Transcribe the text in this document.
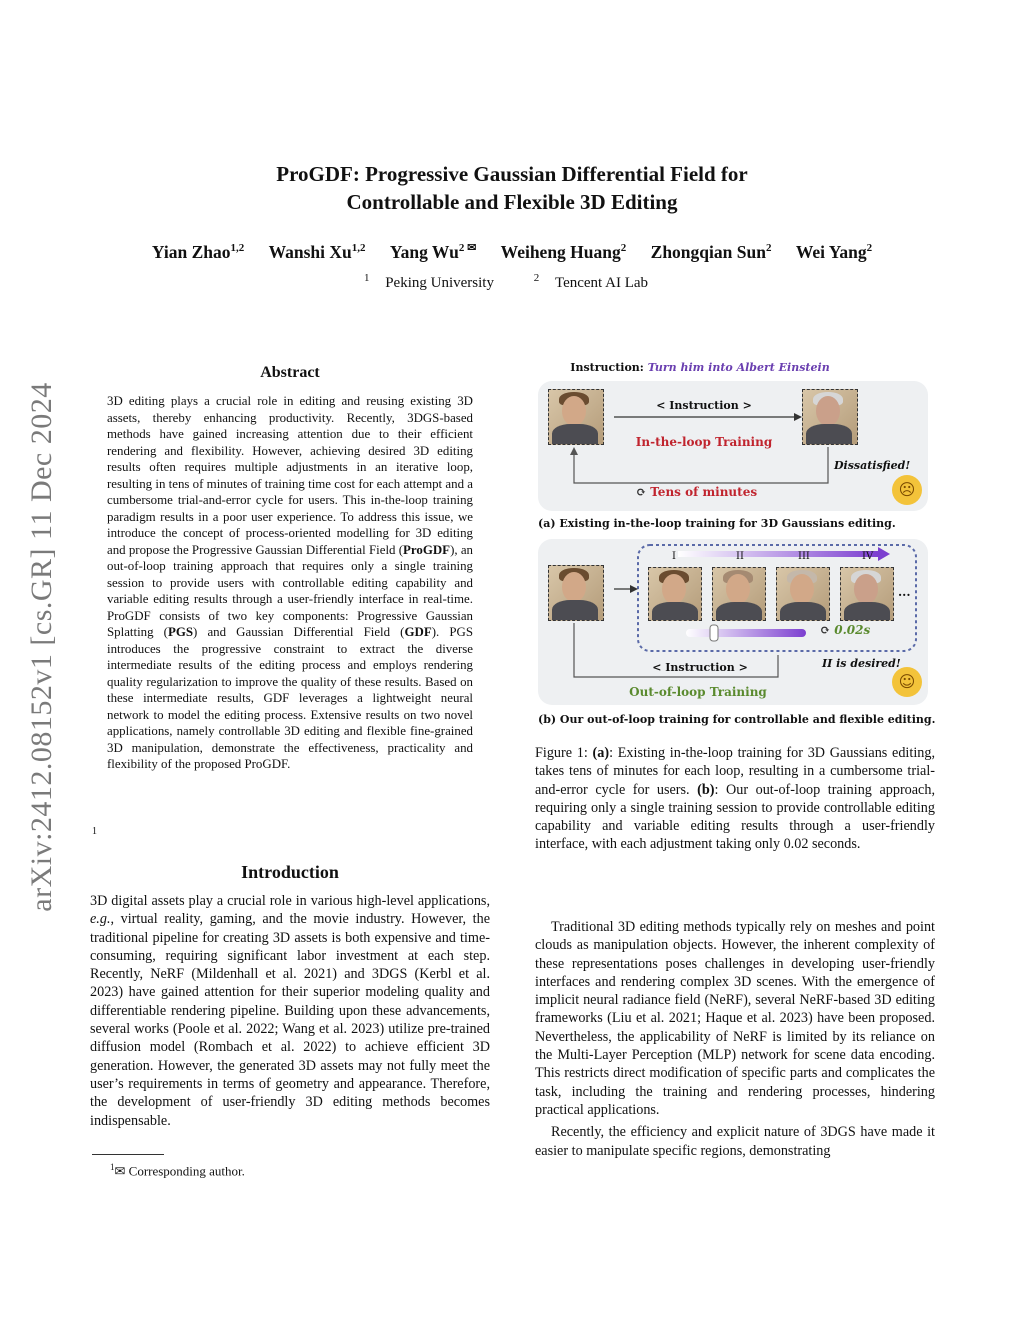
ProGDF: Progressive Gaussian Differential Field for
Controllable and Flexible 3D Editing
Yian Zhao$^{1,2}$ Wanshi Xu$^{1,2}$ Yang $Wu^{2 ✉}$ Weiheng Huang$^2$ Zhongqian Sun$^2$ Wei Yang$^2$
$^1$ Peking University	$^2$ Tencent AI Lab
arXiv:2412.08152v1 [cs.GR] 11 Dec 2024
Abstract
3D editing plays a crucial role in editing and reusing existing 3D assets, thereby enhancing productivity. Recently, 3DGS-based methods have gained increasing attention due to their efficient rendering and flexibility. However, achieving desired 3D editing results often requires multiple adjustments in an iterative loop, resulting in tens of minutes of training time cost for each attempt and a cumbersome trial-and-error cycle for users. This in-the-loop training paradigm results in a poor user experience. To address this issue, we introduce the concept of process-oriented modelling for 3D editing and propose the Progressive Gaussian Differential Field (ProGDF), an out-of-loop training approach that requires only a single training session to provide users with controllable editing capability and variable editing results through a user-friendly interface in real-time. ProGDF consists of two key components: Progressive Gaussian Splatting (PGS) and Gaussian Differential Field (GDF). PGS introduces the progressive constraint to extract the diverse intermediate results of the editing process and employs rendering quality regularization to improve the quality of these results. Based on these intermediate results, GDF leverages a lightweight neural network to model the editing process. Extensive results on two novel applications, namely controllable 3D editing and flexible fine-grained 3D manipulation, demonstrate the effectiveness, practicality and flexibility of the proposed ProGDF.
1
Introduction
3D digital assets play a crucial role in various high-level applications, e.g., virtual reality, gaming, and the movie industry. However, the traditional pipeline for creating 3D assets is both expensive and time-consuming, requiring significant labor investment at each step. Recently, NeRF (Mildenhall et al. 2021) and 3DGS (Kerbl et al. 2023) have gained attention for their superior modeling quality and differentiable rendering pipeline. Building upon these advancements, several works (Poole et al. 2022; Wang et al. 2023) utilize pre-trained diffusion model (Rombach et al. 2022) to achieve efficient 3D generation. However, the generated 3D assets may not fully meet the user’s requirements in terms of geometry and appearance. Therefore, the development of user-friendly 3D editing methods becomes indispensable.
$^1$✉ Corresponding author.
Instruction: Turn him into Albert Einstein
< Instruction >
In-the-loop Training
Dissatisfied!
⟳ Tens of minutes	☹
(a) Existing in-the-loop training for 3D Gaussians editing.
I	II	III	IV
...
⟳ 0.02s
< Instruction >	II is desired!
Out-of-loop Training
☺
(b) Our out-of-loop training for controllable and flexible editing.
Figure 1: (a): Existing in-the-loop training for 3D Gaussians editing, takes tens of minutes for each loop, resulting in a cumbersome trial-and-error cycle for users. (b): Our out-of-loop training approach, requiring only a single training session to provide controllable editing capability and variable editing results through a user-friendly interface, with each adjustment taking only 0.02 seconds.

Traditional 3D editing methods typically rely on meshes and point clouds as manipulation objects. However, the inherent complexity of these representations poses challenges in developing user-friendly interfaces and rendering complex 3D scenes. With the emergence of implicit neural radiance field (NeRF), several NeRF-based 3D editing frameworks (Liu et al. 2021; Haque et al. 2023) have been proposed. Nevertheless, the applicability of NeRF is limited by its reliance on the Multi-Layer Perception (MLP) network for scene data encoding. This restricts direct modification of specific parts and complicates the task, including the training and rendering processes, hindering practical applications.

Recently, the efficiency and explicit nature of 3DGS have made it easier to manipulate specific regions, demonstrating
